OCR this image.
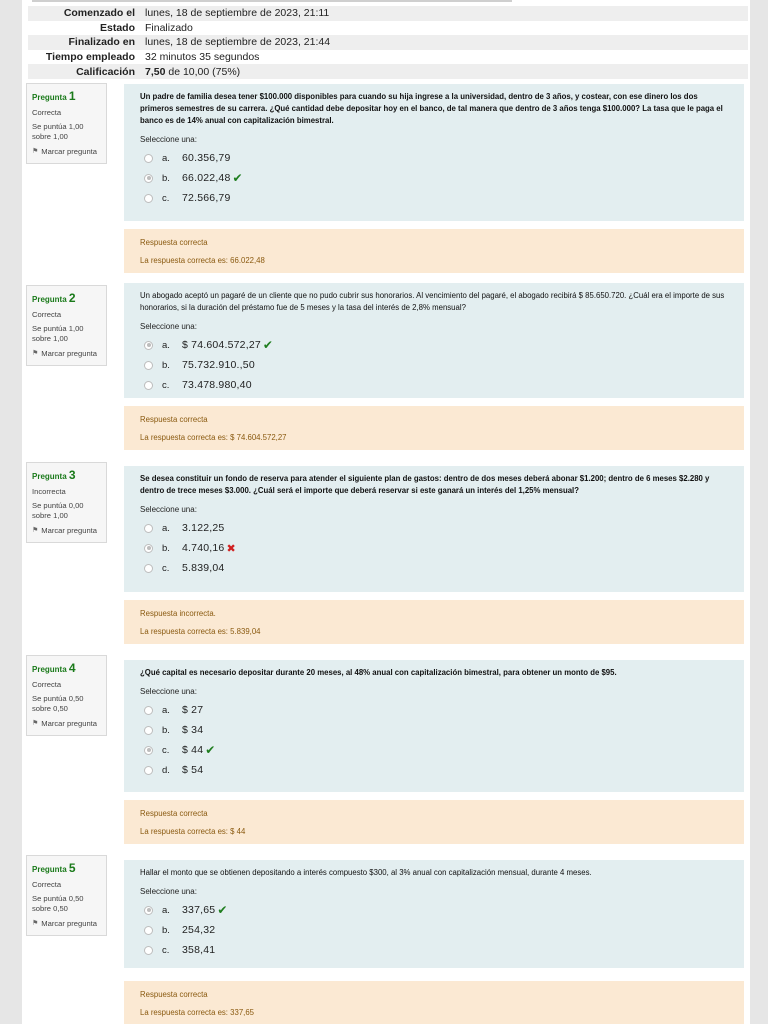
Comenzado el lunes, 18 de septiembre de 2023, 21:11
Estado Finalizado
Finalizado en lunes, 18 de septiembre de 2023, 21:44
Tiempo empleado 32 minutos 35 segundos
Calificación 7,50 de 10,00 (75%)
Pregunta 1
Correcta
Se puntúa 1,00 sobre 1,00
⚑ Marcar pregunta
Un padre de familia desea tener $100.000 disponibles para cuando su hija ingrese a la universidad, dentro de 3 años, y costear, con ese dinero los dos primeros semestres de su carrera. ¿Qué cantidad debe depositar hoy en el banco, de tal manera que dentro de 3 años tenga $100.000? La tasa que le paga el banco es de 14% anual con capitalización bimestral.
Seleccione una:
a.	60.356,79
b.	66.022,48 ✔
c.	72.566,79
Respuesta correcta
La respuesta correcta es: 66.022,48
Pregunta 2
Correcta
Se puntúa 1,00 sobre 1,00
⚑ Marcar pregunta
Un abogado aceptó un pagaré de un cliente que no pudo cubrir sus honorarios. Al vencimiento del pagaré, el abogado recibirá $ 85.650.720. ¿Cuál era el importe de sus honorarios, si la duración del préstamo fue de 5 meses y la tasa del interés de 2,8% mensual?
Seleccione una:
a.	$ 74.604.572,27 ✔
b.	75.732.910.,50
c.	73.478.980,40
Respuesta correcta
La respuesta correcta es: $ 74.604.572,27
Pregunta 3
Incorrecta
Se puntúa 0,00 sobre 1,00
⚑ Marcar pregunta
Se desea constituir un fondo de reserva para atender el siguiente plan de gastos: dentro de dos meses deberá abonar $1.200; dentro de 6 meses $2.280 y dentro de trece meses $3.000. ¿Cuál será el importe que deberá reservar si este ganará un interés del 1,25% mensual?
Seleccione una:
a.	3.122,25
b.	4.740,16 ✖
c.	5.839,04
Respuesta incorrecta.
La respuesta correcta es: 5.839,04
Pregunta 4
Correcta
Se puntúa 0,50 sobre 0,50
⚑ Marcar pregunta
¿Qué capital es necesario depositar durante 20 meses, al 48% anual con capitalización bimestral, para obtener un monto de $95.
Seleccione una:
a.	$ 27
b.	$ 34
c.	$ 44 ✔
d.	$ 54
Respuesta correcta
La respuesta correcta es: $ 44
Pregunta 5
Correcta
Se puntúa 0,50 sobre 0,50
⚑ Marcar pregunta
Hallar el monto que se obtienen depositando a interés compuesto $300, al 3% anual con capitalización mensual, durante 4 meses.
Seleccione una:
a.	337,65 ✔
b.	254,32
c.	358,41
Respuesta correcta
La respuesta correcta es: 337,65
